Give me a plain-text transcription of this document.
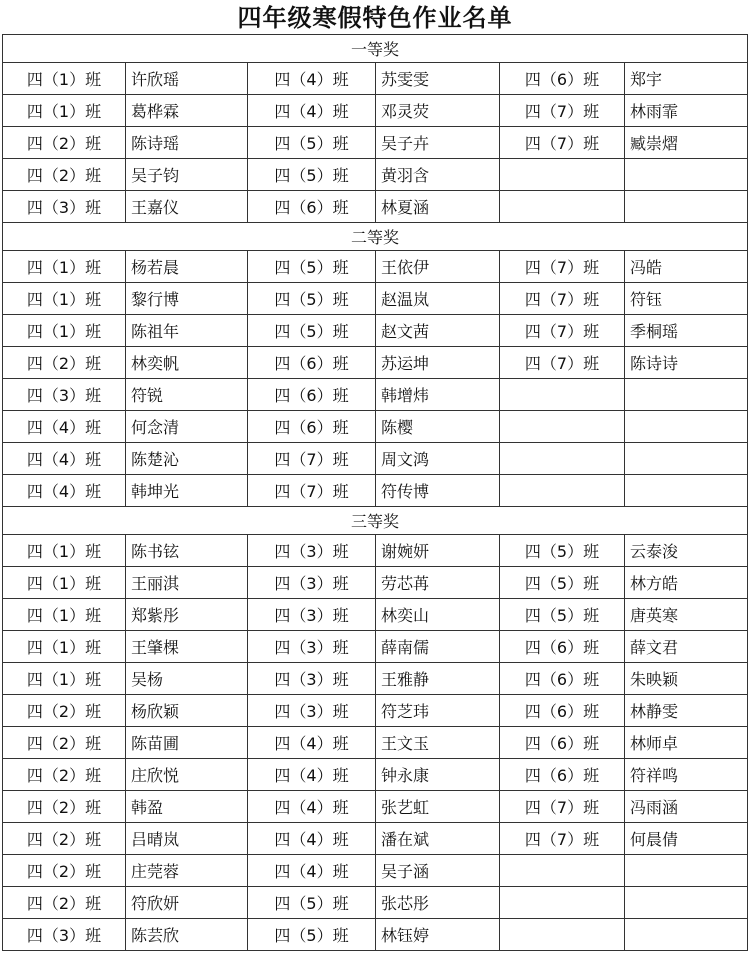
四年级寒假特色作业名单
一等奖					
四（1）班	许欣瑶	四（4）班	苏雯雯	四（6）班	郑宇
四（1）班	葛桦霖	四（4）班	邓灵荧	四（7）班	林雨霏
四（2）班	陈诗瑶	四（5）班	吴子卉	四（7）班	臧崇熠
四（2）班	吴子钧	四（5）班	黄羽含		
四（3）班	王嘉仪	四（6）班	林夏涵		
二等奖					
四（1）班	杨若晨	四（5）班	王依伊	四（7）班	冯皓
四（1）班	黎行博	四（5）班	赵温岚	四（7）班	符钰
四（1）班	陈祖年	四（5）班	赵文茜	四（7）班	季桐瑶
四（2）班	林奕帆	四（6）班	苏运坤	四（7）班	陈诗诗
四（3）班	符锐	四（6）班	韩增炜		
四（4）班	何念清	四（6）班	陈樱		
四（4）班	陈楚沁	四（7）班	周文鸿		
四（4）班	韩坤光	四（7）班	符传博		
三等奖					
四（1）班	陈书铉	四（3）班	谢婉妍	四（5）班	云泰浚
四（1）班	王丽淇	四（3）班	劳芯苒	四（5）班	林方皓
四（1）班	郑紫彤	四（3）班	林奕山	四（5）班	唐英寒
四（1）班	王肇棵	四（3）班	薛南儒	四（6）班	薛文君
四（1）班	吴杨	四（3）班	王雅静	四（6）班	朱映颖
四（2）班	杨欣颖	四（3）班	符芝玮	四（6）班	林静雯
四（2）班	陈苗圃	四（4）班	王文玉	四（6）班	林师卓
四（2）班	庄欣悦	四（4）班	钟永康	四（6）班	符祥鸣
四（2）班	韩盈	四（4）班	张艺虹	四（7）班	冯雨涵
四（2）班	吕晴岚	四（4）班	潘在斌	四（7）班	何晨倩
四（2）班	庄莞蓉	四（4）班	吴子涵		
四（2）班	符欣妍	四（5）班	张芯彤		
四（3）班	陈芸欣	四（5）班	林钰婷		
